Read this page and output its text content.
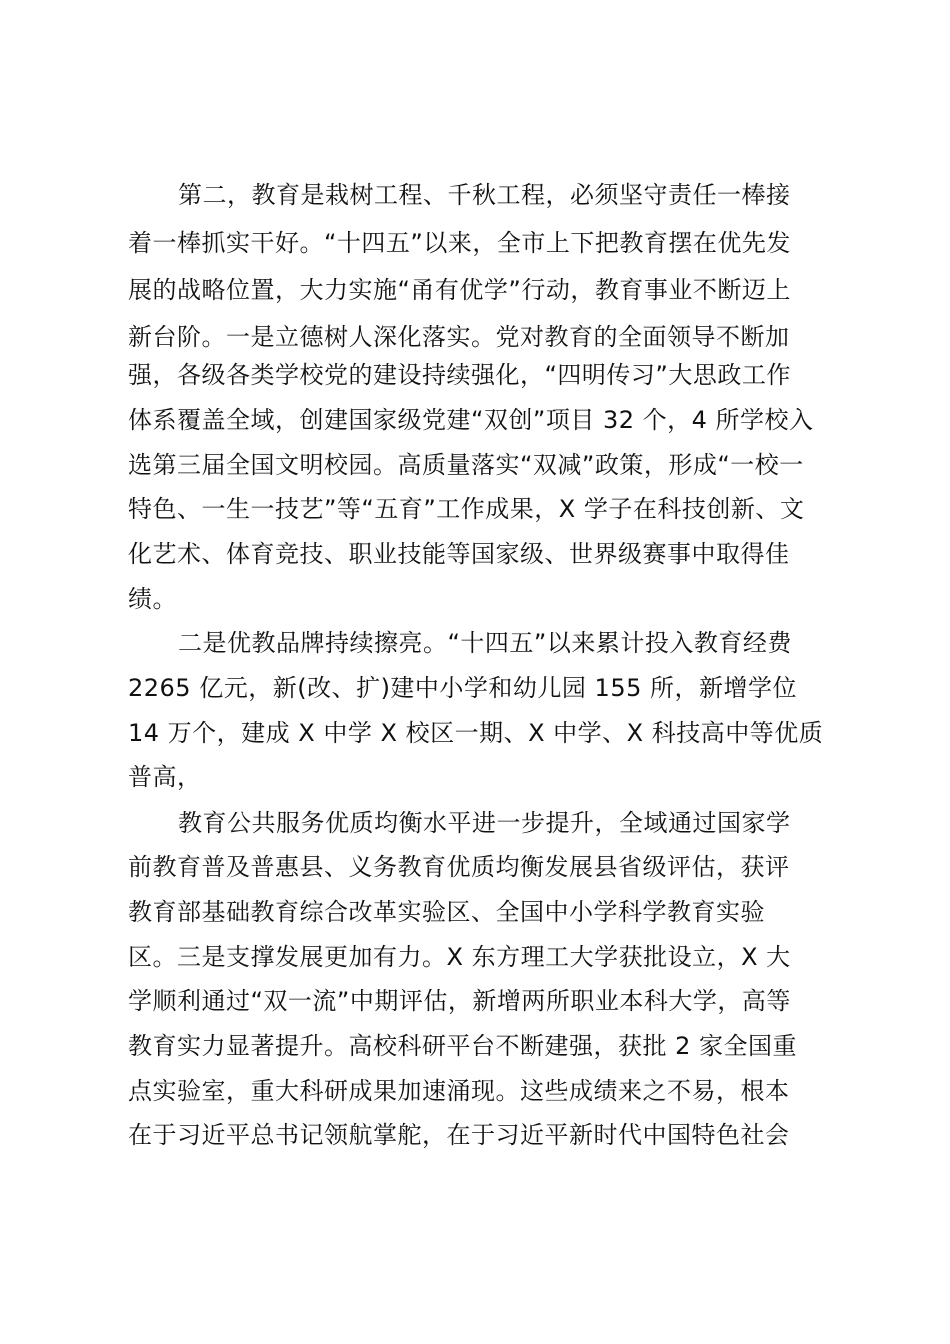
第二，教育是栽树工程、千秋工程，必须坚守责任一棒接
着一棒抓实干好。“十四五”以来，全市上下把教育摆在优先发
展的战略位置，大力实施“甬有优学”行动，教育事业不断迈上
新台阶。一是立德树人深化落实。党对教育的全面领导不断加
强，各级各类学校党的建设持续强化，“四明传习”大思政工作
体系覆盖全域，创建国家级党建“双创”项目 32 个，4 所学校入
选第三届全国文明校园。高质量落实“双减”政策，形成“一校一
特色、一生一技艺”等“五育”工作成果，X 学子在科技创新、文
化艺术、体育竞技、职业技能等国家级、世界级赛事中取得佳
绩。
二是优教品牌持续擦亮。“十四五”以来累计投入教育经费
2265 亿元，新(改、扩)建中小学和幼儿园 155 所，新增学位
14 万个，建成 X 中学 X 校区一期、X 中学、X 科技高中等优质
普高，
教育公共服务优质均衡水平进一步提升，全域通过国家学
前教育普及普惠县、义务教育优质均衡发展县省级评估，获评
教育部基础教育综合改革实验区、全国中小学科学教育实验
区。三是支撑发展更加有力。X 东方理工大学获批设立，X 大
学顺利通过“双一流”中期评估，新增两所职业本科大学，高等
教育实力显著提升。高校科研平台不断建强，获批 2 家全国重
点实验室，重大科研成果加速涌现。这些成绩来之不易，根本
在于习近平总书记领航掌舵，在于习近平新时代中国特色社会
